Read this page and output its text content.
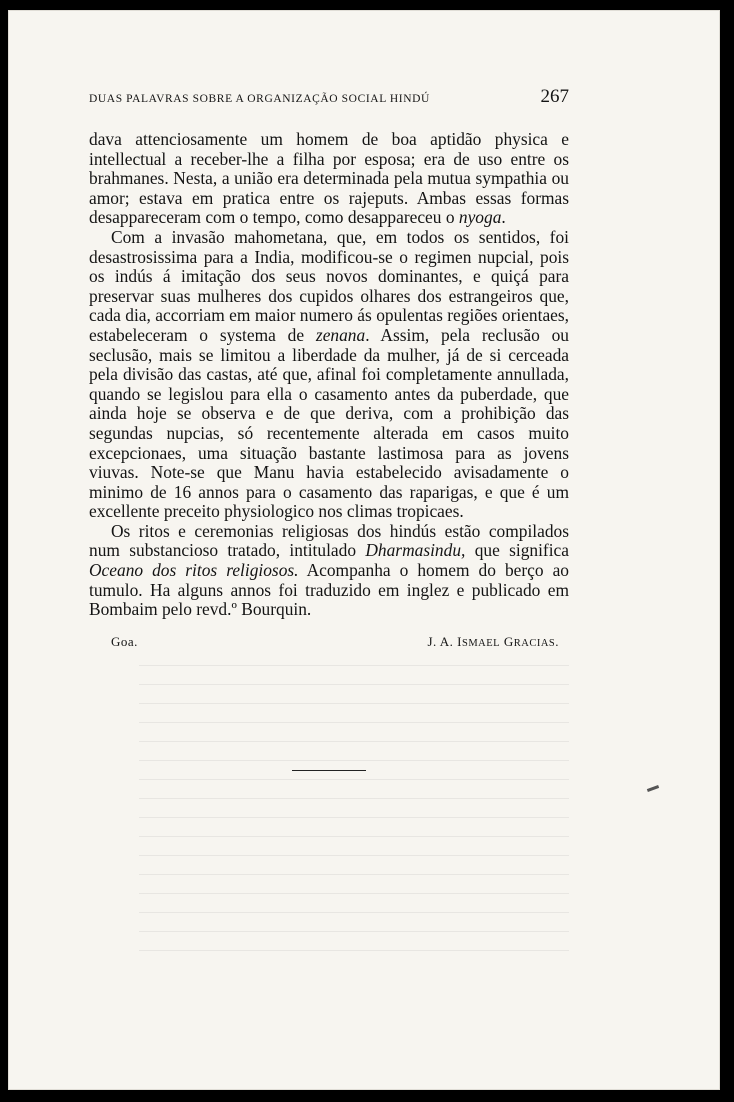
DUAS PALAVRAS SOBRE A ORGANIZAÇÃO SOCIAL HINDÚ	267

dava attenciosamente um homem de boa aptidão physica e intellectual a receber-lhe a filha por esposa; era de uso entre os brahmanes. Nesta, a união era determinada pela mutua sympathia ou amor; estava em pratica entre os rajeputs. Ambas essas formas desappareceram com o tempo, como desappareceu o nyoga.

Com a invasão mahometana, que, em todos os sentidos, foi desastrosissima para a India, modificou-se o regimen nupcial, pois os indús á imitação dos seus novos dominantes, e quiçá para preservar suas mulheres dos cupidos olhares dos estrangeiros que, cada dia, accorriam em maior numero ás opulentas regiões orientaes, estabeleceram o systema de zenana. Assim, pela reclusão ou seclusão, mais se limitou a liberdade da mulher, já de si cerceada pela divisão das castas, até que, afinal foi completamente annullada, quando se legislou para ella o casamento antes da puberdade, que ainda hoje se observa e de que deriva, com a prohibição das segundas nupcias, só recentemente alterada em casos muito excepcionaes, uma situação bastante lastimosa para as jovens viuvas. Note-se que Manu havia estabelecido avisadamente o minimo de 16 annos para o casamento das raparigas, e que é um excellente preceito physiologico nos climas tropicaes.

Os ritos e ceremonias religiosas dos hindús estão compilados num substancioso tratado, intitulado Dharmasindu, que significa Oceano dos ritos religiosos. Acompanha o homem do berço ao tumulo. Ha alguns annos foi traduzido em inglez e publicado em Bombaim pelo revd.º Bourquin.

Goa.	J. A. ISMAEL GRACIAS.
